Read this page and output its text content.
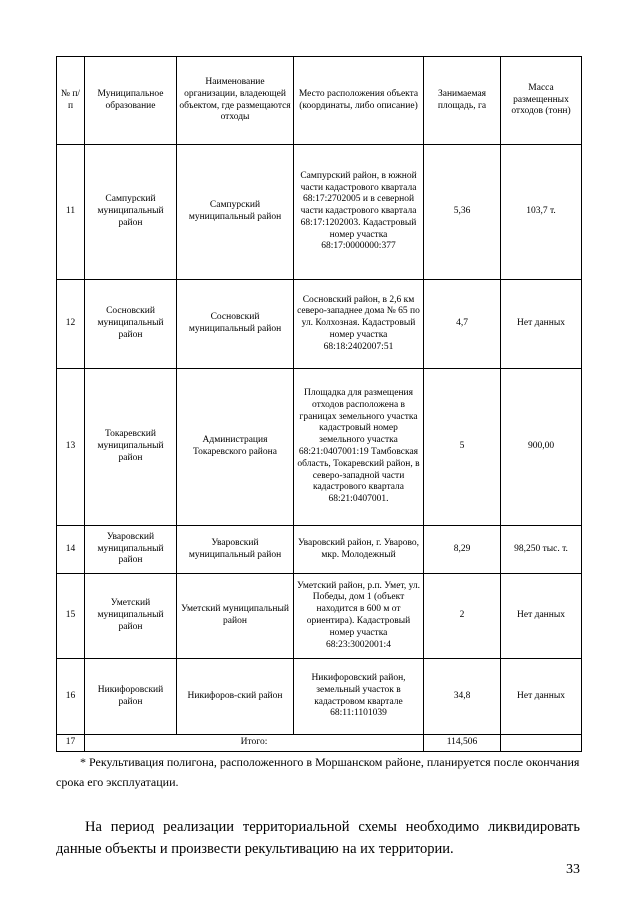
№ п/п	Муниципальное образование	Наименование организации, владеющей объектом, где размещаются отходы	Место расположения объекта (координаты, либо описание)	Занимаемая площадь, га	Масса размещенных отходов (тонн)
11	Сампурский муниципальный район	Сампурский муниципальный район	Сампурский район, в южной части кадастрового квартала 68:17:2702005 и в северной части кадастрового квартала 68:17:1202003. Кадастровый номер участка 68:17:0000000:377	5,36	103,7 т.
12	Сосновский муниципальный район	Сосновский муниципальный район	Сосновский район, в 2,6 км северо-западнее дома № 65 по ул. Колхозная. Кадастровый номер участка 68:18:2402007:51	4,7	Нет данных
13	Токаревский муниципальный район	Администрация Токаревского района	Площадка для размещения отходов расположена в границах земельного участка кадастровый номер земельного участка 68:21:0407001:19 Тамбовская область, Токаревский район, в северо-западной части кадастрового квартала 68:21:0407001.	5	900,00
14	Уваровский муниципальный район	Уваровский муниципальный район	Уваровский район, г. Уварово, мкр. Молодежный	8,29	98,250 тыс. т.
15	Уметский муниципальный район	Уметский муниципальный район	Уметский район, р.п. Умет, ул. Победы, дом 1 (объект находится в 600 м от ориентира). Кадастровый номер участка 68:23:3002001:4	2	Нет данных
16	Никифоровский район	Никифоров-ский район	Никифоровский район, земельный участок в кадастровом квартале 68:11:1101039	34,8	Нет данных
17	Итого:			114,506	

  * Рекультивация полигона, расположенного в Моршанском районе, планируется после окончания срока его эксплуатации.

  На период реализации территориальной схемы необходимо ликвидировать данные объекты и произвести рекультивацию на их территории.

33
